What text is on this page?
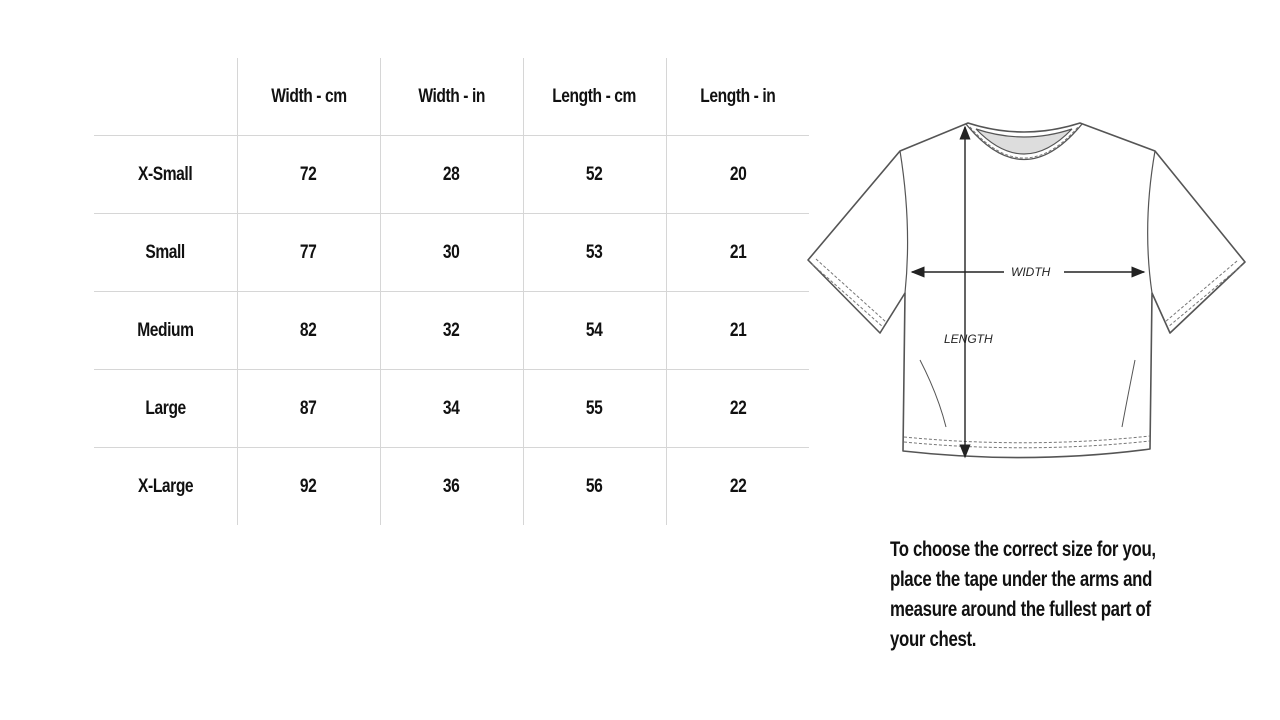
	Width - cm	Width - in	Length - cm	Length - in
X-Small	72	28	52	20
Small	77	30	53	21
Medium	82	32	54	21
Large	87	34	55	22
X-Large	92	36	56	22
WIDTH
LENGTH
To choose the correct size for you,
place the tape under the arms and
measure around the fullest part of
your chest.
